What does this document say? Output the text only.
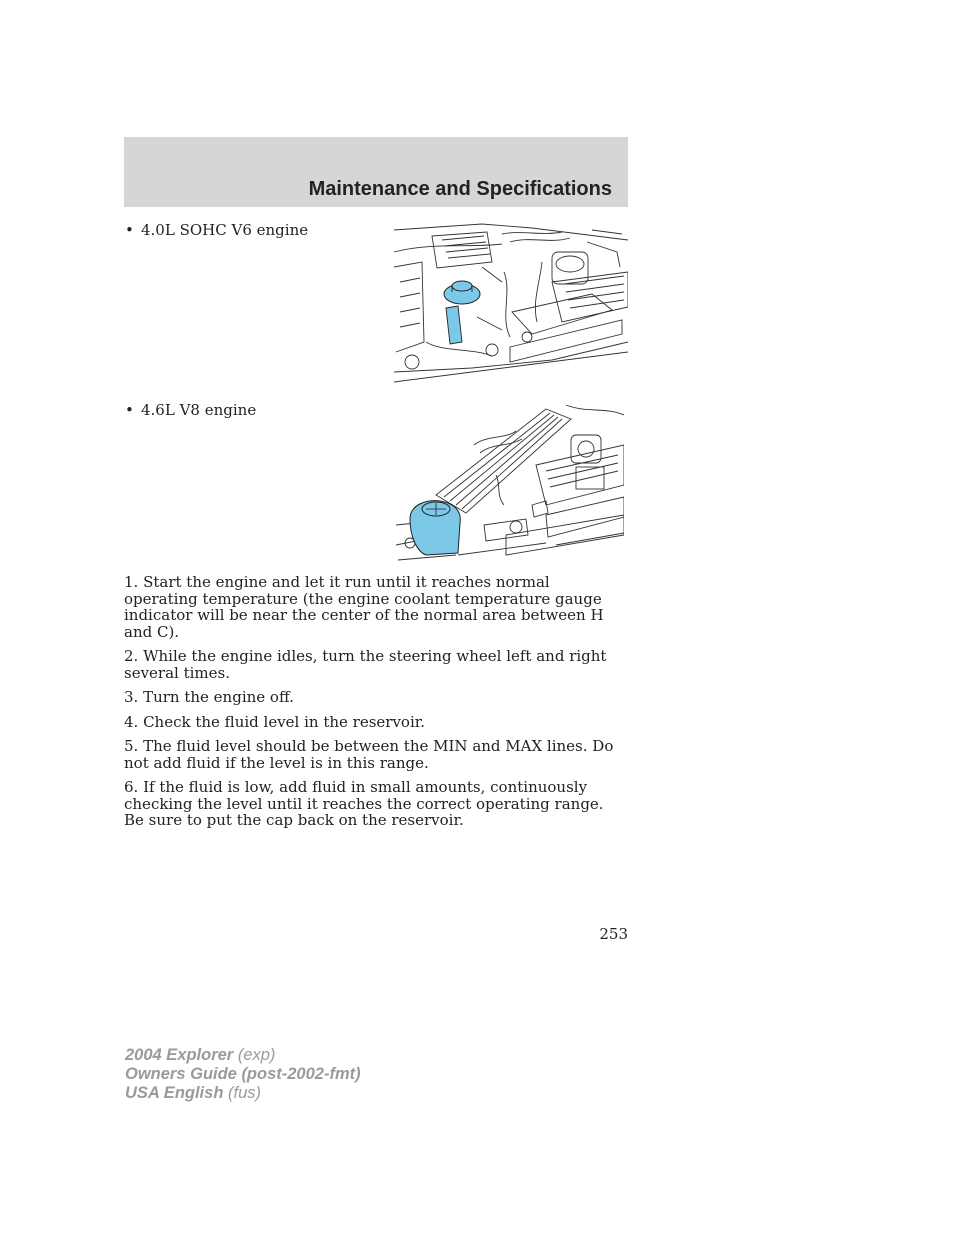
Maintenance and Specifications
• 4.0L SOHC V6 engine
• 4.6L V8 engine

1. Start the engine and let it run until it reaches normal operating temperature (the engine coolant temperature gauge indicator will be near the center of the normal area between H and C).

2. While the engine idles, turn the steering wheel left and right several times.

3. Turn the engine off.

4. Check the fluid level in the reservoir.

5. The fluid level should be between the MIN and MAX lines. Do not add fluid if the level is in this range.

6. If the fluid is low, add fluid in small amounts, continuously checking the level until it reaches the correct operating range. Be sure to put the cap back on the reservoir.

253
2004 Explorer (exp)
Owners Guide (post-2002-fmt)
USA English (fus)
